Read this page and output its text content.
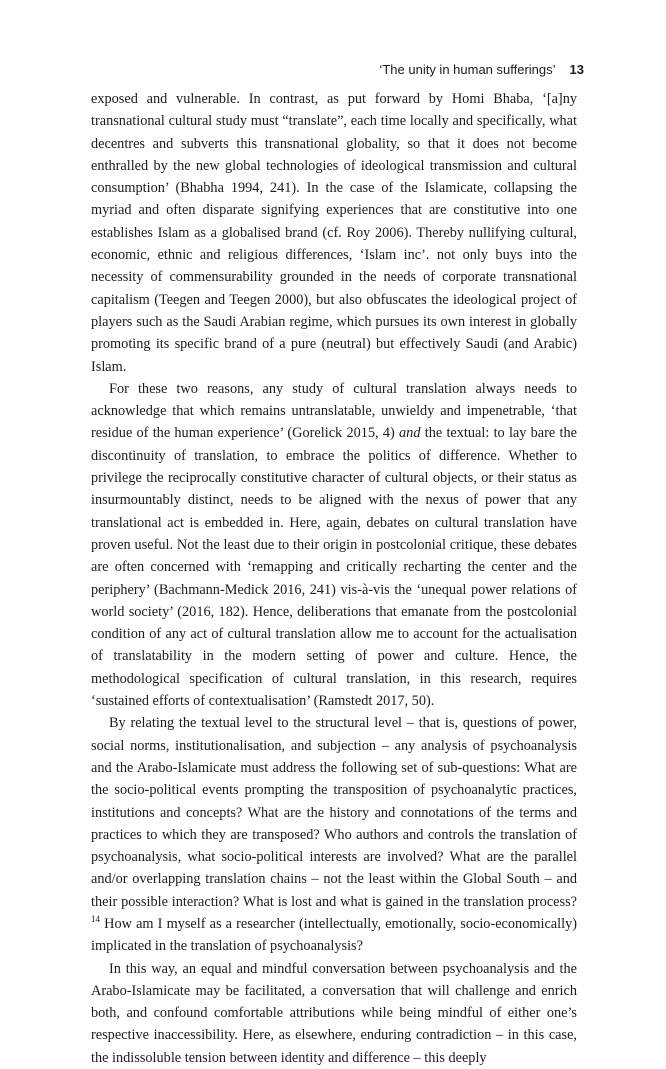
‘The unity in human sufferings’ 13

exposed and vulnerable. In contrast, as put forward by Homi Bhaba, ‘[a]ny transnational cultural study must “translate”, each time locally and specifically, what decentres and subverts this transnational globality, so that it does not become enthralled by the new global technologies of ideological transmission and cultural consumption’ (Bhabha 1994, 241). In the case of the Islamicate, collapsing the myriad and often disparate signifying experiences that are constitutive into one establishes Islam as a globalised brand (cf. Roy 2006). Thereby nullifying cultural, economic, ethnic and religious differences, ‘Islam inc’. not only buys into the necessity of commensurability grounded in the needs of corporate transnational capitalism (Teegen and Teegen 2000), but also obfuscates the ideological project of players such as the Saudi Arabian regime, which pursues its own interest in globally promoting its specific brand of a pure (neutral) but effectively Saudi (and Arabic) Islam.

For these two reasons, any study of cultural translation always needs to acknowledge that which remains untranslatable, unwieldy and impenetrable, ‘that residue of the human experience’ (Gorelick 2015, 4) and the textual: to lay bare the discontinuity of translation, to embrace the politics of difference. Whether to privilege the reciprocally constitutive character of cultural objects, or their status as insurmountably distinct, needs to be aligned with the nexus of power that any translational act is embedded in. Here, again, debates on cultural translation have proven useful. Not the least due to their origin in postcolonial critique, these debates are often concerned with ‘remapping and critically recharting the center and the periphery’ (Bachmann-Medick 2016, 241) vis-à-vis the ‘unequal power relations of world society’ (2016, 182). Hence, deliberations that emanate from the postcolonial condition of any act of cultural translation allow me to account for the actualisation of translatability in the modern setting of power and culture. Hence, the methodological specification of cultural translation, in this research, requires ‘sustained efforts of contextualisation’ (Ramstedt 2017, 50).

By relating the textual level to the structural level – that is, questions of power, social norms, institutionalisation, and subjection – any analysis of psychoanalysis and the Arabo-Islamicate must address the following set of sub-questions: What are the socio-political events prompting the transposition of psychoanalytic practices, institutions and concepts? What are the history and connotations of the terms and practices to which they are transposed? Who authors and controls the translation of psychoanalysis, what socio-political interests are involved? What are the parallel and/or overlapping translation chains – not the least within the Global South – and their possible interaction? What is lost and what is gained in the translation process?$^{14}$ How am I myself as a researcher (intellectually, emotionally, socio-economically) implicated in the translation of psychoanalysis?

In this way, an equal and mindful conversation between psychoanalysis and the Arabo-Islamicate may be facilitated, a conversation that will challenge and enrich both, and confound comfortable attributions while being mindful of either one’s respective inaccessibility. Here, as elsewhere, enduring contradiction – in this case, the indissoluble tension between identity and difference – this deeply
